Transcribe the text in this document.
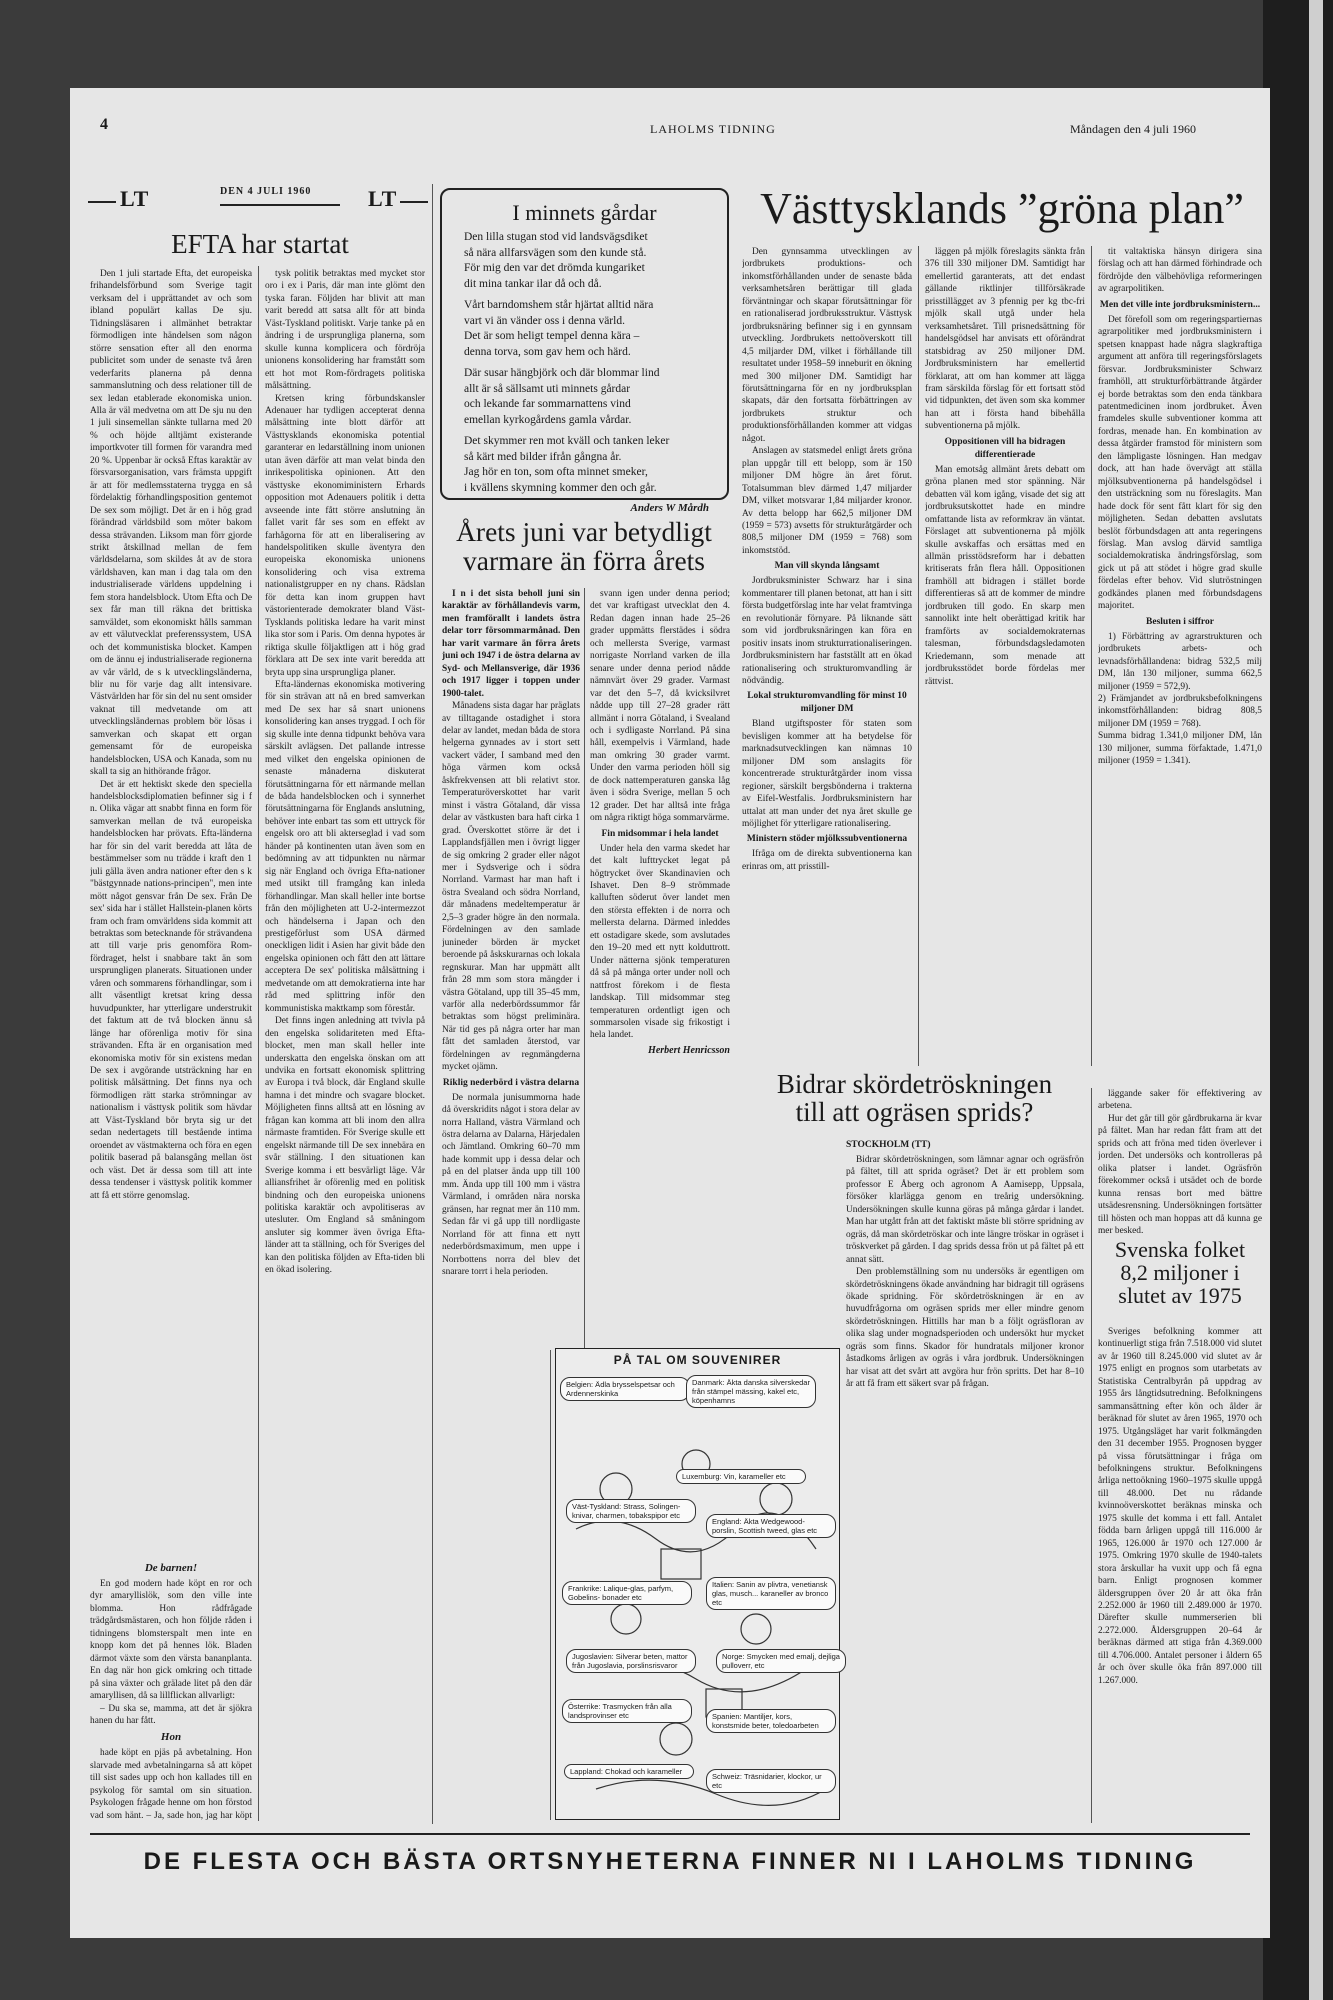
4	LAHOLMS TIDNING	Måndagen den 4 juli 1960
LT	DEN 4 JULI 1960	LT
EFTA har startat

Den 1 juli startade Efta, det europeiska frihandelsförbund som Sverige tagit verksam del i upprättandet av och som ibland populärt kallas De sju. Tidningsläsaren i allmänhet betraktar förmodligen inte händelsen som någon större sensation efter all den enorma publicitet som under de senaste två åren vederfarits planerna på denna sammanslutning och dess relationer till de sex ledan etablerade ekonomiska union. Alla är väl medvetna om att De sju nu den 1 juli sinsemellan sänkte tullarna med 20 % och höjde alltjämt existerande importkvoter till formen för varandra med 20 %. Uppenbar är också Eftas karaktär av försvarsorganisation, vars främsta uppgift är att för medlemsstaterna trygga en så fördelaktig förhandlingsposition gentemot De sex som möjligt. Det är en i hög grad förändrad världsbild som möter bakom dessa strävanden. Liksom man förr gjorde strikt åtskillnad mellan de fem världsdelarna, som skildes åt av de stora världshaven, kan man i dag tala om den industrialiserade världens uppdelning i fem stora handelsblock. Utom Efta och De sex får man till räkna det brittiska samväldet, som ekonomiskt hålls samman av ett välutvecklat preferenssystem, USA och det kommunistiska blocket. Kampen om de ännu ej industrialiserade regionerna av vår värld, de s k utvecklingsländerna, blir nu för varje dag allt intensivare. Västvärlden har för sin del nu sent omsider vaknat till medvetande om att utvecklingsländernas problem bör lösas i samverkan och skapat ett organ gemensamt för de europeiska handelsblocken, USA och Kanada, som nu skall ta sig an hithörande frågor.

Det är ett hektiskt skede den speciella handelsblocksdiplomatien befinner sig i f n. Olika vägar att snabbt finna en form för samverkan mellan de två europeiska handelsblocken har prövats. Efta-länderna har för sin del varit beredda att låta de bestämmelser som nu trädde i kraft den 1 juli gälla även andra nationer efter den s k "bästgynnade nations-principen", men inte mött något gensvar från De sex. Från De sex' sida har i stället Hallstein-planen körts fram och fram omvärldens sida kommit att betraktas som betecknande för strävandena att till varje pris genomföra Rom-fördraget, helst i snabbare takt än som ursprungligen planerats. Situationen under våren och sommarens förhandlingar, som i allt väsentligt kretsat kring dessa huvudpunkter, har ytterligare understrukit det faktum att de två blocken ännu så länge har oförenliga motiv för sina strävanden. Efta är en organisation med ekonomiska motiv för sin existens medan De sex i avgörande utsträckning har en politisk målsättning. Det finns nya och förmodligen rätt starka strömningar av nationalism i västtysk politik som hävdar att Väst-Tyskland bör bryta sig ur det sedan nedertagets till bestående intima oroendet av västmakterna och föra en egen politik baserad på balansgång mellan öst och väst. Det är dessa som till att inte dessa tendenser i västtysk politik kommer att få ett större genomslag.

De barnen!

En god modern hade köpt en ror och dyr amaryllislök, som den ville inte blomma. Hon rådfrågade trädgårdsmästaren, och hon följde råden i tidningens blomsterspalt men inte en knopp kom det på hennes lök. Bladen därmot växte som den värsta bananplanta. En dag när hon gick omkring och tittade på sina växter och grälade litet på den där amaryllisen, då sa lillflickan allvarligt:

– Du ska se, mamma, att det är sjökra hanen du har fått.

Hon

hade köpt en pjäs på avbetalning. Hon slarvade med avbetalningarna så att köpet till sist sades upp och hon kallades till en psykolog för samtal om sin situation. Psykologen frågade henne om hon förstod vad som hänt. – Ja, sade hon, jag har köpt

tysk politik betraktas med mycket stor oro i ex i Paris, där man inte glömt den tyska faran. Följden har blivit att man varit beredd att satsa allt för att binda Väst-Tyskland politiskt. Varje tanke på en ändring i de ursprungliga planerna, som skulle kunna komplicera och fördröja unionens konsolidering har framstått som ett hot mot Rom-fördragets politiska målsättning.

Kretsen kring förbundskansler Adenauer har tydligen accepterat denna målsättning inte blott därför att Västtysklands ekonomiska potential garanterar en ledarställning inom unionen utan även därför att man velat binda den inrikespolitiska opinionen. Att den västtyske ekonomiministern Erhards opposition mot Adenauers politik i detta avseende inte fått större anslutning än fallet varit får ses som en effekt av farhågorna för att en liberalisering av handelspolitiken skulle äventyra den europeiska ekonomiska unionens konsolidering och visa extrema nationalistgrupper en ny chans. Rädslan för detta kan inom gruppen havt västorienterade demokrater bland Väst-Tysklands politiska ledare ha varit minst lika stor som i Paris. Om denna hypotes är riktiga skulle följaktligen att i hög grad förklara att De sex inte varit beredda att bryta upp sina ursprungliga planer.

Efta-ländernas ekonomiska motivering för sin strävan att nå en bred samverkan med De sex har så snart unionens konsolidering kan anses tryggad. I och för sig skulle inte denna tidpunkt behöva vara särskilt avlägsen. Det pallande intresse med vilket den engelska opinionen de senaste månaderna diskuterat förutsättningarna för ett närmande mellan de båda handelsblocken och i synnerhet förutsättningarna för Englands anslutning, behöver inte enbart tas som ett uttryck för engelsk oro att bli akterseglad i vad som händer på kontinenten utan även som en bedömning av att tidpunkten nu närmar sig när England och övriga Efta-nationer med utsikt till framgång kan inleda förhandlingar. Man skall heller inte bortse från den möjligheten att U-2-intermezzot och händelserna i Japan och den prestigeförlust som USA därmed oneckligen lidit i Asien har givit både den engelska opinionen och fått den att lättare acceptera De sex' politiska målsättning i medvetande om att demokratierna inte har råd med splittring inför den kommunistiska maktkamp som förestår.

Det finns ingen anledning att tvivla på den engelska solidariteten med Efta-blocket, men man skall heller inte underskatta den engelska önskan om att undvika en fortsatt ekonomisk splittring av Europa i två block, där England skulle hamna i det mindre och svagare blocket. Möjligheten finns alltså att en lösning av frågan kan komma att bli inom den allra närmaste framtiden. För Sverige skulle ett engelskt närmande till De sex innebära en svår ställning. I den situationen kan Sverige komma i ett besvärligt läge. Vår alliansfrihet är oförenlig med en politisk bindning och den europeiska unionens politiska karaktär och avpolitiseras av utesluter. Om England så småningom ansluter sig kommer även övriga Efta-länder att ta ställning, och för Sveriges del kan den politiska följden av Efta-tiden bli en ökad isolering.

I minnets gårdar
Den lilla stugan stod vid landsvägsdiket
så nära allfarsvägen som den kunde stå.
För mig den var det drömda kungariket
dit mina tankar ilar då och då.

Vårt barndomshem står hjärtat alltid nära
vart vi än vänder oss i denna värld.
Det är som heligt tempel denna kära –
denna torva, som gav hem och härd.

Där susar hängbjörk och där blommar lind
allt är så sällsamt uti minnets gårdar
och lekande far sommarnattens vind
emellan kyrkogårdens gamla vårdar.

Det skymmer ren mot kväll och tanken leker
så kärt med bilder ifrån gångna år.
Jag hör en ton, som ofta minnet smeker,
i kvällens skymning kommer den och går.
Anders W Mårdh
Årets juni var betydligt
varmare än förra årets

I n i det sista beholl juni sin karaktär av förhållandevis varm, men framförallt i landets östra delar torr försommarmånad. Den har varit varmare än förra årets juni och 1947 i de östra delarna av Syd- och Mellansverige, där 1936 och 1917 ligger i toppen under 1900-talet.

Månadens sista dagar har präglats av tilltagande ostadighet i stora delar av landet, medan båda de stora helgerna gynnades av i stort sett vackert väder, I samband med den höga värmen kom också åskfrekvensen att bli relativt stor. Temperaturöverskottet har varit minst i västra Götaland, där vissa delar av västkusten bara haft cirka 1 grad. Överskottet större är det i Lapplandsfjällen men i övrigt ligger de sig omkring 2 grader eller något mer i Sydsverige och i södra Norrland. Varmast har man haft i östra Svealand och södra Norrland, där månadens medeltemperatur är 2,5–3 grader högre än den normala. Fördelningen av den samlade junineder börden är mycket beroende på åskskurarnas och lokala regnskurar. Man har uppmätt allt från 28 mm som stora mängder i västra Götaland, upp till 35–45 mm, varför alla nederbördssummor får betraktas som högst preliminära. När tid ges på några orter har man fått det samladen återstod, var fördelningen av regnmängderna mycket ojämn.

Riklig nederbörd i västra delarna

De normala junisummorna hade då överskridits något i stora delar av norra Halland, västra Värmland och östra delarna av Dalarna, Härjedalen och Jämtland. Omkring 60–70 mm hade kommit upp i dessa delar och på en del platser ända upp till 100 mm. Ända upp till 100 mm i västra Värmland, i områden nära norska gränsen, har regnat mer än 110 mm. Sedan får vi gå upp till nordligaste Norrland för att finna ett nytt nederbördsmaximum, men uppe i Norrbottens norra del blev det snarare torrt i hela perioden.

svann igen under denna period; det var kraftigast utvecklat den 4. Redan dagen innan hade 25–26 grader uppmätts flerstädes i södra och mellersta Sverige, varmast norrigaste Norrland varken de illa senare under denna period nådde nämnvärt över 29 grader. Varmast var det den 5–7, då kvicksilvret nådde upp till 27–28 grader rätt allmänt i norra Götaland, i Svealand och i sydligaste Norrland. På sina håll, exempelvis i Värmland, hade man omkring 30 grader varmt. Under den varma perioden höll sig de dock nattemperaturen ganska låg även i södra Sverige, mellan 5 och 12 grader. Det har alltså inte fråga om några riktigt höga sommarvärme.

Fin midsommar i hela landet

Under hela den varma skedet har det kalt lufttrycket legat på högtrycket över Skandinavien och Ishavet. Den 8–9 strömmade kalluften söderut över landet men den största effekten i de norra och mellersta delarna. Därmed inleddes ett ostadigare skede, som avslutades den 19–20 med ett nytt kolduttrott. Under nätterna sjönk temperaturen då så på många orter under noll och nattfrost förekom i de flesta landskap. Till midsommar steg temperaturen ordentligt igen och sommarsolen visade sig frikostigt i hela landet.

Herbert Henricsson
PÅ TAL OM SOUVENIRER
Belgien: Ädla brysselspetsar och Ardennerskinka
Danmark: Äkta danska silverskedar från stämpel mässing, kakel etc, köpenhamns
Luxemburg: Vin, karameller etc
Väst-Tyskland: Strass, Solingen- knivar, charmen, tobakspipor etc
England: Äkta Wedgewood- porslin, Scottish tweed, glas etc
Frankrike: Lalique-glas, parfym, Gobelins- bonader etc
Italien: Sanin av plivtra, venetiansk glas, musch... karaneller av bronco etc
Jugoslavien: Silverar beten, mattor från Jugoslavia, porslinsrisvaror
Norge: Smycken med emalj, dejliga pulloverr, etc
Österrike: Trasmycken från alla landsprovinser etc	Spanien: Mantiljer, kors, konstsmide beter, toledoarbeten
Lappland: Chokad och karameller
Schweiz: Träsnidarier, klockor, ur etc
Västtysklands ”gröna plan”

Den gynnsamma utvecklingen av jordbrukets produktions- och inkomstförhållanden under de senaste båda verksamhetsåren berättigar till glada förväntningar och skapar förutsättningar för en rationaliserad jordbruksstruktur. Västtysk jordbruksnäring befinner sig i en gynnsam utveckling. Jordbrukets nettoöverskott till 4,5 miljarder DM, vilket i förhållande till resultatet under 1958–59 inneburit en ökning med 300 miljoner DM. Samtidigt har förutsättningarna för en ny jordbruksplan skapats, där den fortsatta förbättringen av jordbrukets struktur och produktionsförhållanden kommer att vidgas något.

Anslagen av statsmedel enligt årets gröna plan uppgår till ett belopp, som är 150 miljoner DM högre än året förut. Totalsumman blev därmed 1,47 miljarder DM, vilket motsvarar 1,84 miljarder kronor. Av detta belopp har 662,5 miljoner DM (1959 = 573) avsetts för strukturåtgärder och 808,5 miljoner DM (1959 = 768) som inkomststöd.

Man vill skynda långsamt

Jordbruksminister Schwarz har i sina kommentarer till planen betonat, att han i sitt första budgetförslag inte har velat framtvinga en revolutionär förnyare. På liknande sätt som vid jordbruksnäringen kan föra en positiv insats inom strukturrationaliseringen. Jordbruksministern har fastställt att en ökad rationalisering och strukturomvandling är nödvändig.

Lokal strukturomvandling för minst 10 miljoner DM

Bland utgiftsposter för staten som bevisligen kommer att ha betydelse för marknadsutvecklingen kan nämnas 10 miljoner DM som anslagits för koncentrerade strukturåtgärder inom vissa regioner, särskilt bergsbönderna i trakterna av Eifel-Westfalis. Jordbruksministern har uttalat att man under det nya året skulle ge möjlighet för ytterligare rationalisering.

Ministern stöder mjölkssubventionerna

Ifråga om de direkta subventionerna kan erinras om, att prisstill-

läggen på mjölk föreslagits sänkta från 376 till 330 miljoner DM. Samtidigt har emellertid garanterats, att det endast gällande riktlinjer tillförsäkrade prisstillägget av 3 pfennig per kg tbc-fri mjölk skall utgå under hela verksamhetsåret. Till prisnedsättning för handelsgödsel har anvisats ett oförändrat statsbidrag av 250 miljoner DM. Jordbruksministern har emellertid förklarat, att om han kommer att lägga fram särskilda förslag för ett fortsatt stöd vid tidpunkten, det även som ska kommer han att i första hand bibehålla subventionerna på mjölk.

Oppositionen vill ha bidragen differentierade

Man emotsåg allmänt årets debatt om gröna planen med stor spänning. När debatten väl kom igång, visade det sig att jordbruksutskottet hade en mindre omfattande lista av reformkrav än väntat. Förslaget att subventionerna på mjölk skulle avskaffas och ersättas med en allmän prisstödsreform har i debatten kritiserats från flera håll. Oppositionen framhöll att bidragen i stället borde differentieras så att de kommer de mindre jordbruken till godo. En skarp men sannolikt inte helt oberättigad kritik har framförts av socialdemokraternas talesman, förbundsdagsledamoten Kriedemann, som menade att jordbruksstödet borde fördelas mer rättvist.

tit valtaktiska hänsyn dirigera sina förslag och att han därmed förhindrade och fördröjde den välbehövliga reformeringen av agrarpolitiken.

Men det ville inte jordbruksministern...

Det förefoll som om regeringspartiernas agrarpolitiker med jordbruksministern i spetsen knappast hade några slagkraftiga argument att anföra till regeringsförslagets försvar. Jordbruksminister Schwarz framhöll, att strukturförbättrande åtgärder ej borde betraktas som den enda tänkbara patentmedicinen inom jordbruket. Även framdeles skulle subventioner komma att fordras, menade han. En kombination av dessa åtgärder framstod för ministern som den lämpligaste lösningen. Han medgav dock, att han hade övervägt att ställa mjölksubventionerna på handelsgödsel i den utsträckning som nu föreslagits. Man hade dock för sent fått klart för sig den möjligheten. Sedan debatten avslutats beslöt förbundsdagen att anta regeringens förslag. Man avslog därvid samtliga socialdemokratiska ändringsförslag, som gick ut på att stödet i högre grad skulle fördelas efter behov. Vid slutröstningen godkändes planen med förbundsdagens majoritet.

Besluten i siffror

1) Förbättring av agrarstrukturen och jordbrukets arbets- och levnadsförhållandena: bidrag 532,5 milj DM, lån 130 miljoner, summa 662,5 miljoner (1959 = 572,9).
2) Främjandet av jordbruksbefolkningens inkomstförhållanden: bidrag 808,5 miljoner DM (1959 = 768).
Summa bidrag 1.341,0 miljoner DM, lån 130 miljoner, summa förfaktade, 1.471,0 miljoner (1959 = 1.341).

Bidrar skördetröskningen
till att ogräsen sprids?
STOCKHOLM (TT)

Bidrar skördetröskningen, som lämnar agnar och ogräsfrön på fältet, till att sprida ogräset? Det är ett problem som professor E Åberg och agronom A Aamisepp, Uppsala, försöker klarlägga genom en treårig undersökning. Undersökningen skulle kunna göras på många gårdar i landet. Man har utgått från att det faktiskt måste bli större spridning av ogräs, då man skördetröskar och inte längre tröskar in ogräset i tröskverket på gården. I dag sprids dessa frön ut på fältet på ett annat sätt.

Den problemställning som nu undersöks är egentligen om skördetröskningens ökade användning har bidragit till ogräsens ökade spridning. För skördetröskningen är en av huvudfrågorna om ogräsen sprids mer eller mindre genom skördetröskningen. Hittills har man b a följt ogräsfloran av olika slag under mognadsperioden och undersökt hur mycket ogräs som finns. Skador för hundratals miljoner kronor åstadkoms årligen av ogräs i våra jordbruk. Undersökningen har visat att det svårt att avgöra hur frön spritts. Det har 8–10 år att få fram ett säkert svar på frågan.

läggande saker för effektivering av arbetena.

Hur det går till gör gårdbrukarna är kvar på fältet. Man har redan fått fram att det sprids och att fröna med tiden överlever i jorden. Det undersöks och kontrolleras på olika platser i landet. Ogräsfrön förekommer också i utsädet och de borde kunna rensas bort med bättre utsädesrensning. Undersökningen fortsätter till hösten och man hoppas att då kunna ge mer besked.

Svenska folket
8,2 miljoner i
slutet av 1975

Sveriges befolkning kommer att kontinuerligt stiga från 7.518.000 vid slutet av år 1960 till 8.245.000 vid slutet av år 1975 enligt en prognos som utarbetats av Statistiska Centralbyrån på uppdrag av 1955 års långtidsutredning. Befolkningens sammansättning efter kön och ålder är beräknad för slutet av åren 1965, 1970 och 1975. Utgångsläget har varit folkmängden den 31 december 1955. Prognosen bygger på vissa förutsättningar i fråga om befolkningens struktur. Befolkningens årliga nettoökning 1960–1975 skulle uppgå till 48.000. Det nu rådande kvinnoöverskottet beräknas minska och 1975 skulle det komma i ett fall. Antalet födda barn årligen uppgå till 116.000 år 1965, 126.000 år 1970 och 127.000 år 1975. Omkring 1970 skulle de 1940-talets stora årskullar ha vuxit upp och få egna barn. Enligt prognosen kommer äldersgruppen över 20 år att öka från 2.252.000 år 1960 till 2.489.000 år 1970. Därefter skulle nummerserien bli 2.272.000. Åldersgruppen 20–64 år beräknas därmed att stiga från 4.369.000 till 4.706.000. Antalet personer i åldern 65 år och över skulle öka från 897.000 till 1.267.000.

DE FLESTA OCH BÄSTA ORTSNYHETERNA FINNER NI I LAHOLMS TIDNING
